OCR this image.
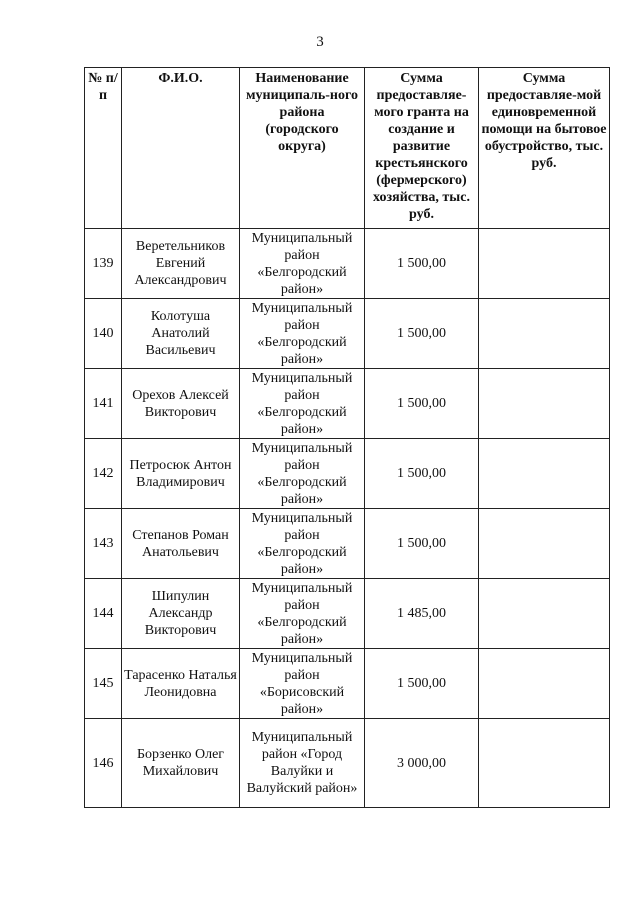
3
№ п/п	Ф.И.О.	Наименование муниципаль-ного района (городского округа)	Сумма предоставляе-мого гранта на создание и развитие крестьянского (фермерского) хозяйства, тыс. руб.	Сумма предоставляе-мой единовременной помощи на бытовое обустройство, тыс. руб.
139	Веретельников Евгений Александрович	Муниципальный район «Белгородский район»	1 500,00	
140	Колотуша Анатолий Васильевич	Муниципальный район «Белгородский район»	1 500,00	
141	Орехов Алексей Викторович	Муниципальный район «Белгородский район»	1 500,00	
142	Петросюк Антон Владимирович	Муниципальный район «Белгородский район»	1 500,00	
143	Степанов Роман Анатольевич	Муниципальный район «Белгородский район»	1 500,00	
144	Шипулин Александр Викторович	Муниципальный район «Белгородский район»	1 485,00	
145	Тарасенко Наталья Леонидовна	Муниципальный район «Борисовский район»	1 500,00	
146	Борзенко Олег Михайлович	Муниципальный район «Город Валуйки и Валуйский район»	3 000,00	
